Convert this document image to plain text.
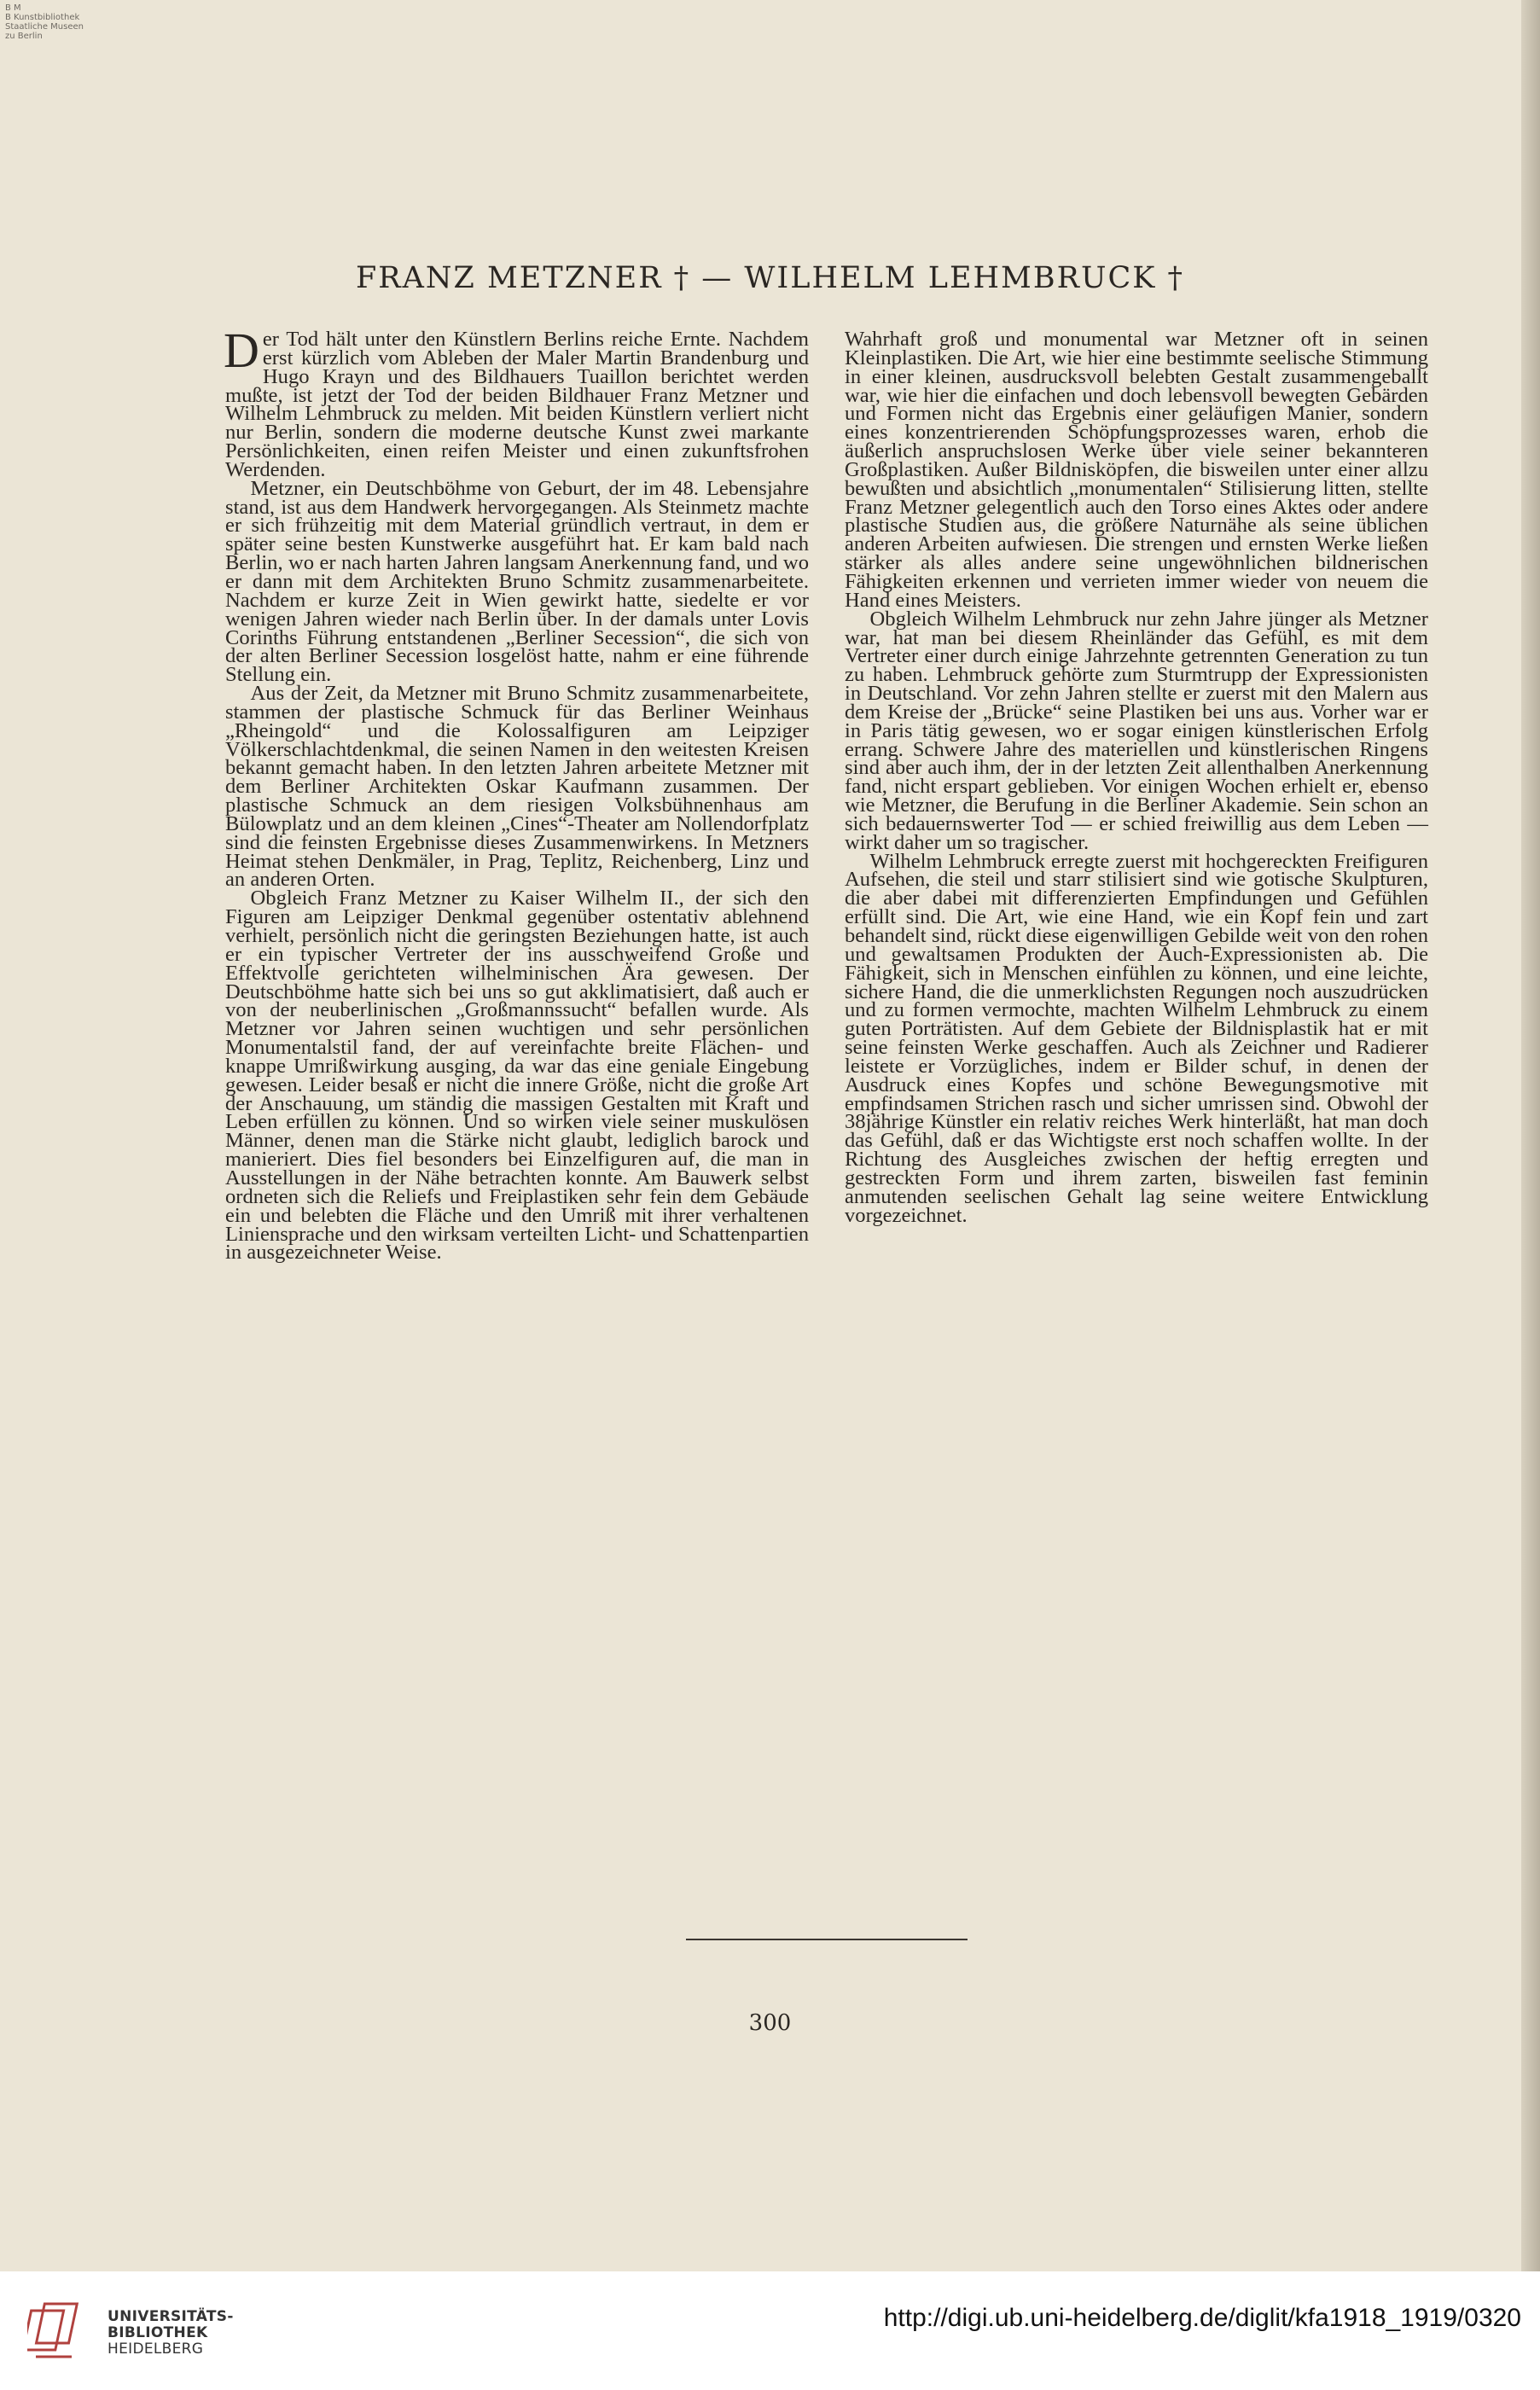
B M
B Kunstbibliothek
Staatliche Museen
zu Berlin
FRANZ METZNER † — WILHELM LEHMBRUCK †

Der Tod hält unter den Künstlern Berlins reiche Ernte. Nachdem erst kürzlich vom Ableben der Maler Martin Brandenburg und Hugo Krayn und des Bildhauers Tuaillon berichtet werden mußte, ist jetzt der Tod der beiden Bildhauer Franz Metzner und Wilhelm Lehmbruck zu melden. Mit beiden Künstlern verliert nicht nur Berlin, sondern die moderne deutsche Kunst zwei markante Persönlichkeiten, einen reifen Meister und einen zukunftsfrohen Werdenden.

Metzner, ein Deutschböhme von Geburt, der im 48. Lebensjahre stand, ist aus dem Handwerk hervorgegangen. Als Steinmetz machte er sich frühzeitig mit dem Material gründlich vertraut, in dem er später seine besten Kunstwerke ausgeführt hat. Er kam bald nach Berlin, wo er nach harten Jahren langsam Anerkennung fand, und wo er dann mit dem Architekten Bruno Schmitz zusammenarbeitete. Nachdem er kurze Zeit in Wien gewirkt hatte, siedelte er vor wenigen Jahren wieder nach Berlin über. In der damals unter Lovis Corinths Führung entstandenen „Berliner Secession“, die sich von der alten Berliner Secession losgelöst hatte, nahm er eine führende Stellung ein.

Aus der Zeit, da Metzner mit Bruno Schmitz zusammenarbeitete, stammen der plastische Schmuck für das Berliner Weinhaus „Rheingold“ und die Kolossalfiguren am Leipziger Völkerschlachtdenkmal, die seinen Namen in den weitesten Kreisen bekannt gemacht haben. In den letzten Jahren arbeitete Metzner mit dem Berliner Architekten Oskar Kaufmann zusammen. Der plastische Schmuck an dem riesigen Volksbühnenhaus am Bülowplatz und an dem kleinen „Cines“-Theater am Nollendorfplatz sind die feinsten Ergebnisse dieses Zusammenwirkens. In Metzners Heimat stehen Denkmäler, in Prag, Teplitz, Reichenberg, Linz und an anderen Orten.

Obgleich Franz Metzner zu Kaiser Wilhelm II., der sich den Figuren am Leipziger Denkmal gegenüber ostentativ ablehnend verhielt, persönlich nicht die geringsten Beziehungen hatte, ist auch er ein typischer Vertreter der ins ausschweifend Große und Effektvolle gerichteten wilhelminischen Ära gewesen. Der Deutschböhme hatte sich bei uns so gut akklimatisiert, daß auch er von der neuberlinischen „Großmannssucht“ befallen wurde. Als Metzner vor Jahren seinen wuchtigen und sehr persönlichen Monumentalstil fand, der auf vereinfachte breite Flächen- und knappe Umrißwirkung ausging, da war das eine geniale Eingebung gewesen. Leider besaß er nicht die innere Größe, nicht die große Art der Anschauung, um ständig die massigen Gestalten mit Kraft und Leben erfüllen zu können. Und so wirken viele seiner muskulösen Männer, denen man die Stärke nicht glaubt, lediglich barock und manieriert. Dies fiel besonders bei Einzelfiguren auf, die man in Ausstellungen in der Nähe betrachten konnte. Am Bauwerk selbst ordneten sich die Reliefs und Freiplastiken sehr fein dem Gebäude ein und belebten die Fläche und den Umriß mit ihrer verhaltenen Liniensprache und den wirksam verteilten Licht- und Schattenpartien in ausgezeichneter Weise.

Wahrhaft groß und monumental war Metzner oft in seinen Kleinplastiken. Die Art, wie hier eine bestimmte seelische Stimmung in einer kleinen, ausdrucksvoll belebten Gestalt zusammengeballt war, wie hier die einfachen und doch lebensvoll bewegten Gebärden und Formen nicht das Ergebnis einer geläufigen Manier, sondern eines konzentrierenden Schöpfungsprozesses waren, erhob die äußerlich anspruchslosen Werke über viele seiner bekannteren Großplastiken. Außer Bildnisköpfen, die bisweilen unter einer allzu bewußten und absichtlich „monumentalen“ Stilisierung litten, stellte Franz Metzner gelegentlich auch den Torso eines Aktes oder andere plastische Studien aus, die größere Naturnähe als seine üblichen anderen Arbeiten aufwiesen. Die strengen und ernsten Werke ließen stärker als alles andere seine ungewöhnlichen bildnerischen Fähigkeiten erkennen und verrieten immer wieder von neuem die Hand eines Meisters.

Obgleich Wilhelm Lehmbruck nur zehn Jahre jünger als Metzner war, hat man bei diesem Rheinländer das Gefühl, es mit dem Vertreter einer durch einige Jahrzehnte getrennten Generation zu tun zu haben. Lehmbruck gehörte zum Sturmtrupp der Expressionisten in Deutschland. Vor zehn Jahren stellte er zuerst mit den Malern aus dem Kreise der „Brücke“ seine Plastiken bei uns aus. Vorher war er in Paris tätig gewesen, wo er sogar einigen künstlerischen Erfolg errang. Schwere Jahre des materiellen und künstlerischen Ringens sind aber auch ihm, der in der letzten Zeit allenthalben Anerkennung fand, nicht erspart geblieben. Vor einigen Wochen erhielt er, ebenso wie Metzner, die Berufung in die Berliner Akademie. Sein schon an sich bedauernswerter Tod — er schied freiwillig aus dem Leben — wirkt daher um so tragischer.

Wilhelm Lehmbruck erregte zuerst mit hochgereckten Freifiguren Aufsehen, die steil und starr stilisiert sind wie gotische Skulpturen, die aber dabei mit differenzierten Empfindungen und Gefühlen erfüllt sind. Die Art, wie eine Hand, wie ein Kopf fein und zart behandelt sind, rückt diese eigenwilligen Gebilde weit von den rohen und gewaltsamen Produkten der Auch-Expressionisten ab. Die Fähigkeit, sich in Menschen einfühlen zu können, und eine leichte, sichere Hand, die die unmerklichsten Regungen noch auszudrücken und zu formen vermochte, machten Wilhelm Lehmbruck zu einem guten Porträtisten. Auf dem Gebiete der Bildnisplastik hat er mit seine feinsten Werke geschaffen. Auch als Zeichner und Radierer leistete er Vorzügliches, indem er Bilder schuf, in denen der Ausdruck eines Kopfes und schöne Bewegungsmotive mit empfindsamen Strichen rasch und sicher umrissen sind. Obwohl der 38jährige Künstler ein relativ reiches Werk hinterläßt, hat man doch das Gefühl, daß er das Wichtigste erst noch schaffen wollte. In der Richtung des Ausgleiches zwischen der heftig erregten und gestreckten Form und ihrem zarten, bisweilen fast feminin anmutenden seelischen Gehalt lag seine weitere Entwicklung vorgezeichnet.

300
UNIVERSITÄTS-
BIBLIOTHEK
HEIDELBERG
http://digi.ub.uni-heidelberg.de/diglit/kfa1918_1919/0320
